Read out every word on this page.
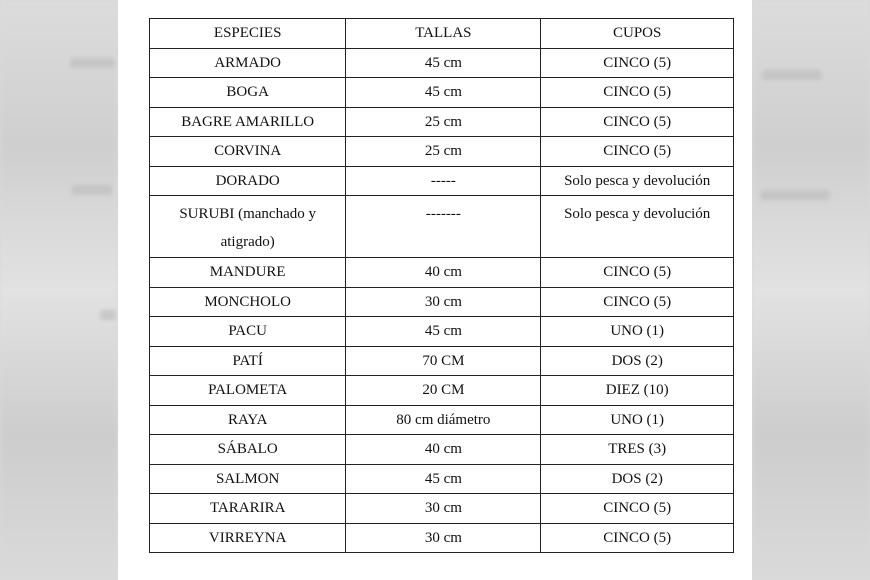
ESPECIES	TALLAS	CUPOS
ARMADO	45 cm	CINCO (5)
BOGA	45 cm	CINCO (5)
BAGRE AMARILLO	25 cm	CINCO (5)
CORVINA	25 cm	CINCO (5)
DORADO	-----	Solo pesca y devolución
SURUBI (manchado y atigrado)	-------	Solo pesca y devolución
MANDURE	40 cm	CINCO (5)
MONCHOLO	30 cm	CINCO (5)
PACU	45 cm	UNO (1)
PATÍ	70 CM	DOS (2)
PALOMETA	20 CM	DIEZ (10)
RAYA	80 cm diámetro	UNO (1)
SÁBALO	40 cm	TRES (3)
SALMON	45 cm	DOS (2)
TARARIRA	30 cm	CINCO (5)
VIRREYNA	30 cm	CINCO (5)
